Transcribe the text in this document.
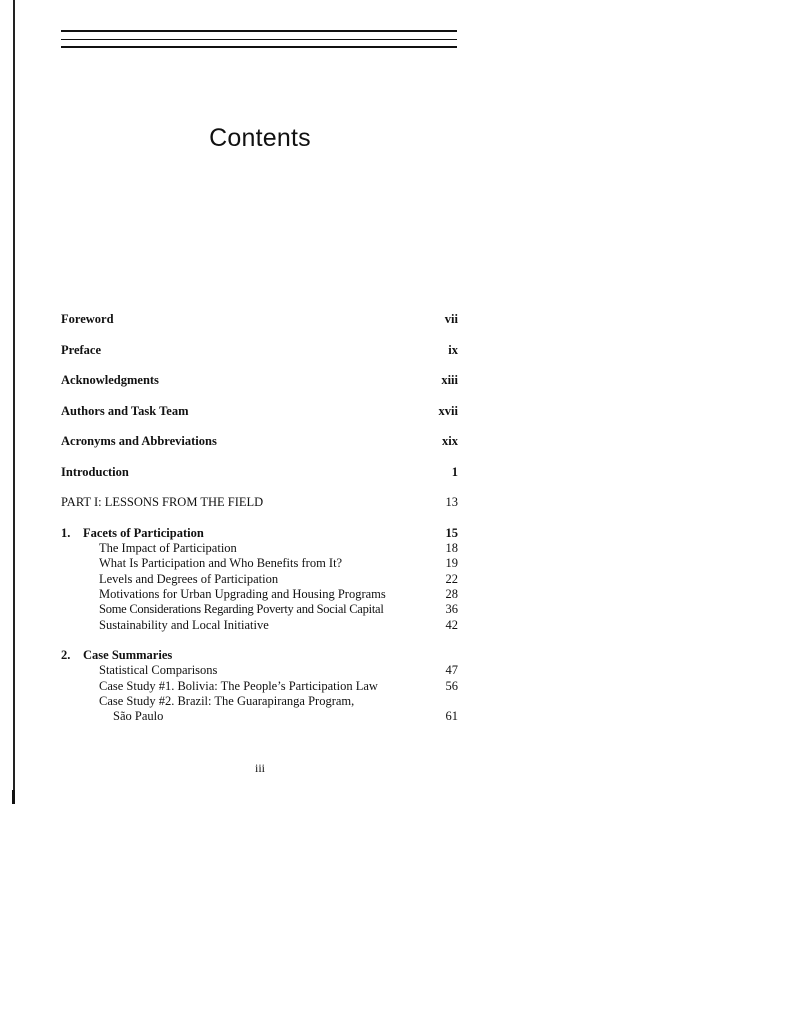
Contents
Foreword	vii
Preface	ix
Acknowledgments	xiii
Authors and Task Team	xvii
Acronyms and Abbreviations	xix
Introduction	1
PART I: LESSONS FROM THE FIELD	13
1. Facets of Participation	15
The Impact of Participation	18
What Is Participation and Who Benefits from It?	19
Levels and Degrees of Participation	22
Motivations for Urban Upgrading and Housing Programs	28
Some Considerations Regarding Poverty and Social Capital	36
Sustainability and Local Initiative	42
2. Case Summaries
Statistical Comparisons	47
Case Study #1. Bolivia: The People’s Participation Law	56
Case Study #2. Brazil: The Guarapiranga Program,
São Paulo	61
iii
